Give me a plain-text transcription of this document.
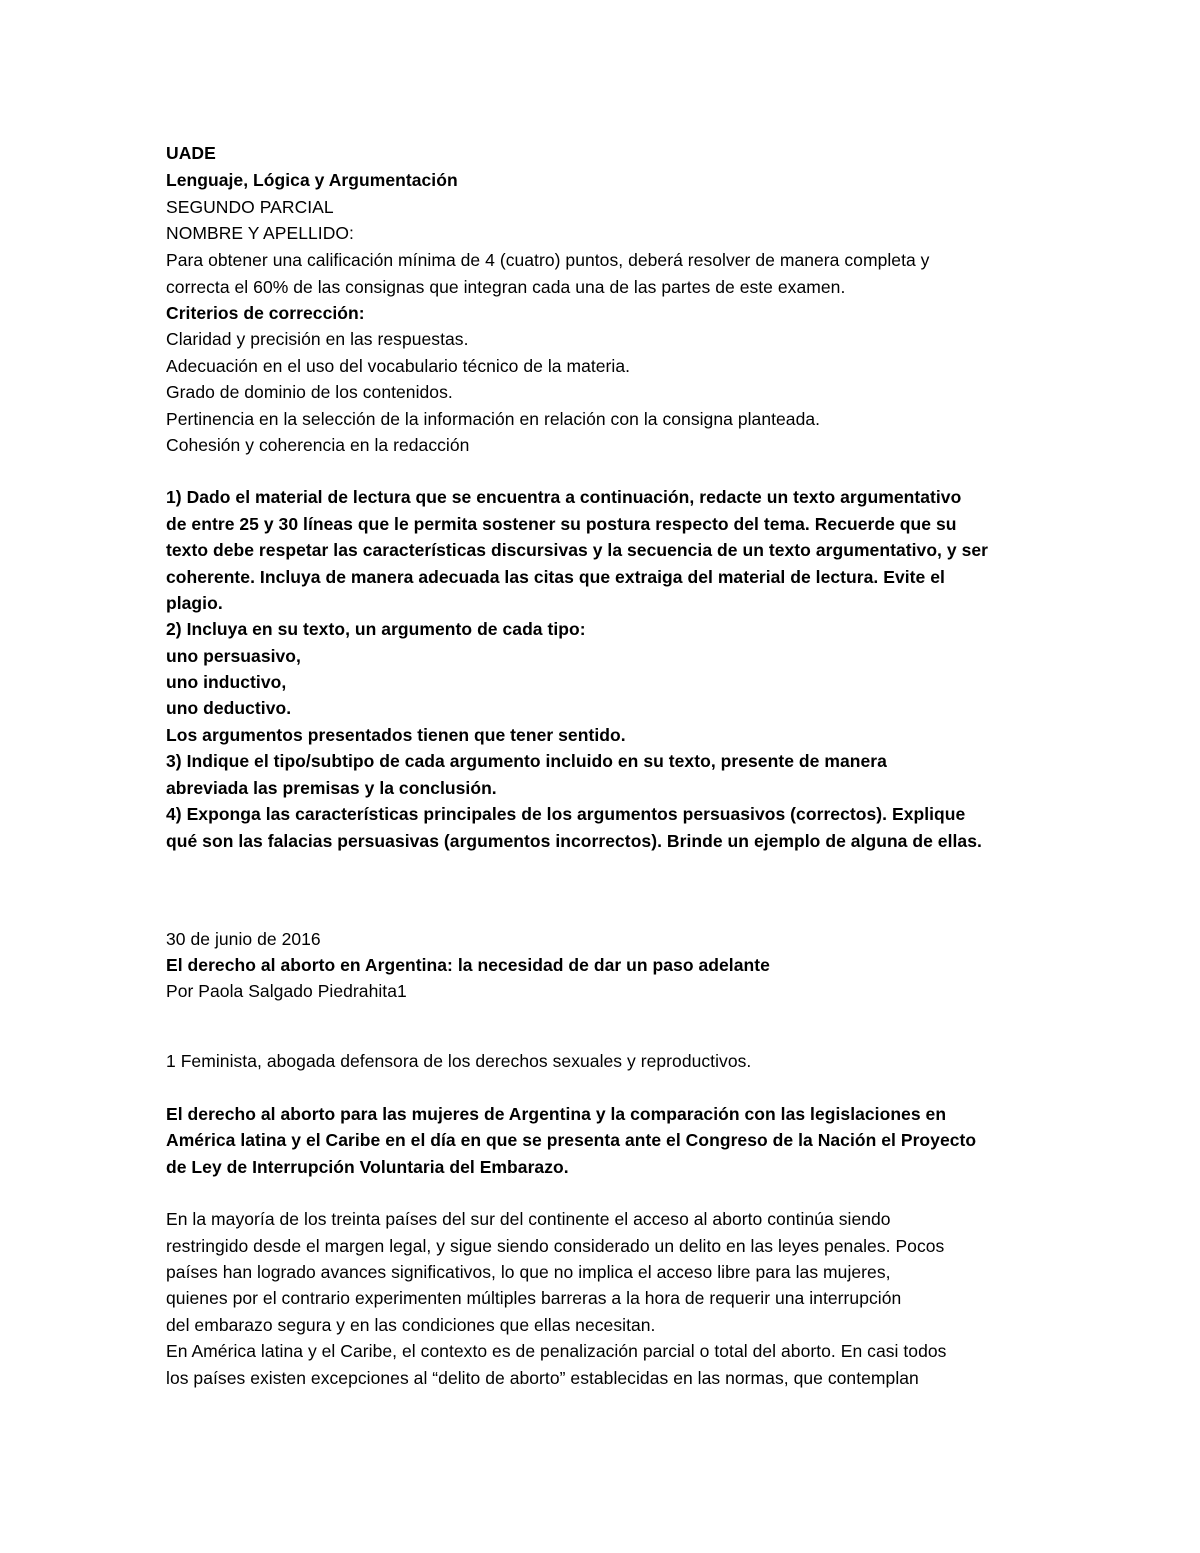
UADE
Lenguaje, Lógica y Argumentación
SEGUNDO PARCIAL
NOMBRE Y APELLIDO:
Para obtener una calificación mínima de 4 (cuatro) puntos, deberá resolver de manera completa y
correcta el 60% de las consignas que integran cada una de las partes de este examen.
Criterios de corrección:
Claridad y precisión en las respuestas.
Adecuación en el uso del vocabulario técnico de la materia.
Grado de dominio de los contenidos.
Pertinencia en la selección de la información en relación con la consigna planteada.
Cohesión y coherencia en la redacción
1) Dado el material de lectura que se encuentra a continuación, redacte un texto argumentativo
de entre 25 y 30 líneas que le permita sostener su postura respecto del tema. Recuerde que su
texto debe respetar las características discursivas y la secuencia de un texto argumentativo, y ser
coherente. Incluya de manera adecuada las citas que extraiga del material de lectura. Evite el
plagio.
2) Incluya en su texto, un argumento de cada tipo:
uno persuasivo,
uno inductivo,
uno deductivo.
Los argumentos presentados tienen que tener sentido.
3) Indique el tipo/subtipo de cada argumento incluido en su texto, presente de manera
abreviada las premisas y la conclusión.
4) Exponga las características principales de los argumentos persuasivos (correctos). Explique
qué son las falacias persuasivas (argumentos incorrectos). Brinde un ejemplo de alguna de ellas.
30 de junio de 2016
El derecho al aborto en Argentina: la necesidad de dar un paso adelante
Por Paola Salgado Piedrahita1
1 Feminista, abogada defensora de los derechos sexuales y reproductivos.
El derecho al aborto para las mujeres de Argentina y la comparación con las legislaciones en
América latina y el Caribe en el día en que se presenta ante el Congreso de la Nación el Proyecto
de Ley de Interrupción Voluntaria del Embarazo.
En la mayoría de los treinta países del sur del continente el acceso al aborto continúa siendo
restringido desde el margen legal, y sigue siendo considerado un delito en las leyes penales. Pocos
países han logrado avances significativos, lo que no implica el acceso libre para las mujeres,
quienes por el contrario experimenten múltiples barreras a la hora de requerir una interrupción
del embarazo segura y en las condiciones que ellas necesitan.
En América latina y el Caribe, el contexto es de penalización parcial o total del aborto. En casi todos
los países existen excepciones al “delito de aborto” establecidas en las normas, que contemplan
